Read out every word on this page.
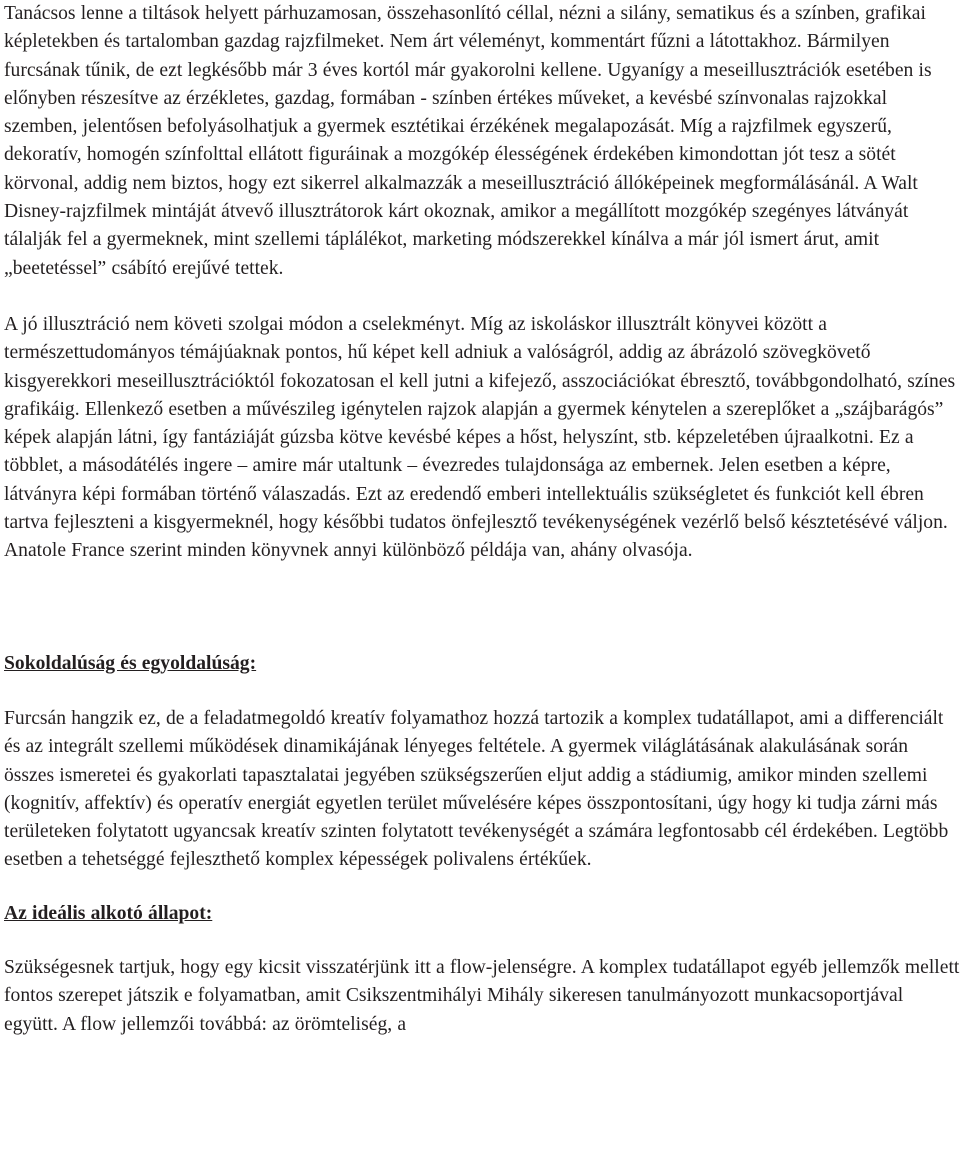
Tanácsos lenne a tiltások helyett párhuzamosan, összehasonlító céllal, nézni a silány, sematikus és a színben, grafikai képletekben és tartalomban gazdag rajzfilmeket. Nem árt véleményt, kommentárt fűzni a látottakhoz. Bármilyen furcsának tűnik, de ezt legkésőbb már 3 éves kortól már gyakorolni kellene. Ugyanígy a meseillusztrációk esetében is előnyben részesítve az érzékletes, gazdag, formában - színben értékes műveket, a kevésbé színvonalas rajzokkal szemben, jelentősen befolyásolhatjuk a gyermek esztétikai érzékének megalapozását. Míg a rajzfilmek egyszerű, dekoratív, homogén színfolttal ellátott figuráinak a mozgókép élességének érdekében kimondottan jót tesz a sötét körvonal, addig nem biztos, hogy ezt sikerrel alkalmazzák a meseillusztráció állóképeinek megformálásánál. A Walt Disney-rajzfilmek mintáját átvevő illusztrátorok kárt okoznak, amikor a megállított mozgókép szegényes látványát tálalják fel a gyermeknek, mint szellemi táplálékot, marketing módszerekkel kínálva a már jól ismert árut, amit „beetetéssel” csábító erejűvé tettek.

A jó illusztráció nem követi szolgai módon a cselekményt. Míg az iskoláskor illusztrált könyvei között a természettudományos témájúaknak pontos, hű képet kell adniuk a valóságról, addig az ábrázoló szövegkövető kisgyerekkori meseillusztrációktól fokozatosan el kell jutni a kifejező, asszociációkat ébresztő, továbbgondolható, színes grafikáig. Ellenkező esetben a művészileg igénytelen rajzok alapján a gyermek kénytelen a szereplőket a „szájbarágós” képek alapján látni, így fantáziáját gúzsba kötve kevésbé képes a hőst, helyszínt, stb. képzeletében újraalkotni. Ez a többlet, a másodátélés ingere – amire már utaltunk – évezredes tulajdonsága az embernek. Jelen esetben a képre, látványra képi formában történő válaszadás. Ezt az eredendő emberi intellektuális szükségletet és funkciót kell ébren tartva fejleszteni a kisgyermeknél, hogy későbbi tudatos önfejlesztő tevékenységének vezérlő belső késztetésévé váljon. Anatole France szerint minden könyvnek annyi különböző példája van, ahány olvasója.

Sokoldalúság és egyoldalúság:

Furcsán hangzik ez, de a feladatmegoldó kreatív folyamathoz hozzá tartozik a komplex tudatállapot, ami a differenciált és az integrált szellemi működések dinamikájának lényeges feltétele. A gyermek világlátásának alakulásának során összes ismeretei és gyakorlati tapasztalatai jegyében szükségszerűen eljut addig a stádiumig, amikor minden szellemi (kognitív, affektív) és operatív energiát egyetlen terület művelésére képes összpontosítani, úgy hogy ki tudja zárni más területeken folytatott ugyancsak kreatív szinten folytatott tevékenységét a számára legfontosabb cél érdekében. Legtöbb esetben a tehetséggé fejleszthető komplex képességek polivalens értékűek.

Az ideális alkotó állapot:

Szükségesnek tartjuk, hogy egy kicsit visszatérjünk itt a flow-jelenségre. A komplex tudatállapot egyéb jellemzők mellett fontos szerepet játszik e folyamatban, amit Csikszentmihályi Mihály sikeresen tanulmányozott munkacsoportjával együtt. A flow jellemzői továbbá: az örömteliség, a
